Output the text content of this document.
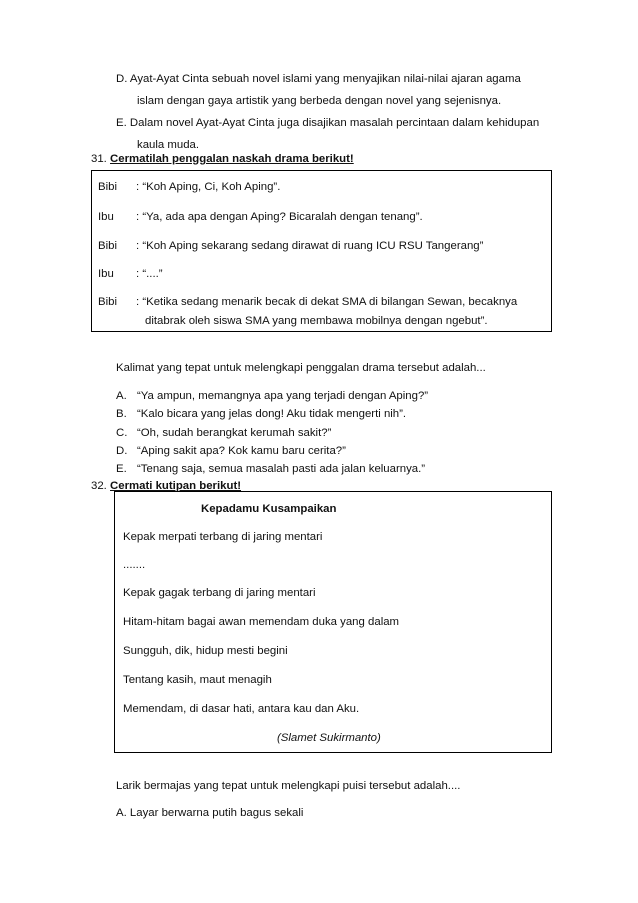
D. Ayat-Ayat Cinta sebuah novel islami yang menyajikan nilai-nilai ajaran agama
islam dengan gaya artistik yang berbeda dengan novel yang sejenisnya.
E. Dalam novel Ayat-Ayat Cinta juga disajikan masalah percintaan dalam kehidupan
kaula muda.
31. Cermatilah penggalan naskah drama berikut!
Bibi : “Koh Aping, Ci, Koh Aping”.
Ibu : “Ya, ada apa dengan Aping? Bicaralah dengan tenang”.
Bibi : “Koh Aping sekarang sedang dirawat di ruang ICU RSU Tangerang”
Ibu : “....”
Bibi : “Ketika sedang menarik becak di dekat SMA di bilangan Sewan, becaknya
ditabrak oleh siswa SMA yang membawa mobilnya dengan ngebut”.
Kalimat yang tepat untuk melengkapi penggalan drama tersebut adalah...
A. “Ya ampun, memangnya apa yang terjadi dengan Aping?”
B. “Kalo bicara yang jelas dong! Aku tidak mengerti nih”.
C. “Oh, sudah berangkat kerumah sakit?”
D. “Aping sakit apa? Kok kamu baru cerita?”
E. “Tenang saja, semua masalah pasti ada jalan keluarnya.”
32. Cermati kutipan berikut!
Kepadamu Kusampaikan
Kepak merpati terbang di jaring mentari
.......
Kepak gagak terbang di jaring mentari
Hitam-hitam bagai awan memendam duka yang dalam
Sungguh, dik, hidup mesti begini
Tentang kasih, maut menagih
Memendam, di dasar hati, antara kau dan Aku.
(Slamet Sukirmanto)
Larik bermajas yang tepat untuk melengkapi puisi tersebut adalah....
A. Layar berwarna putih bagus sekali
